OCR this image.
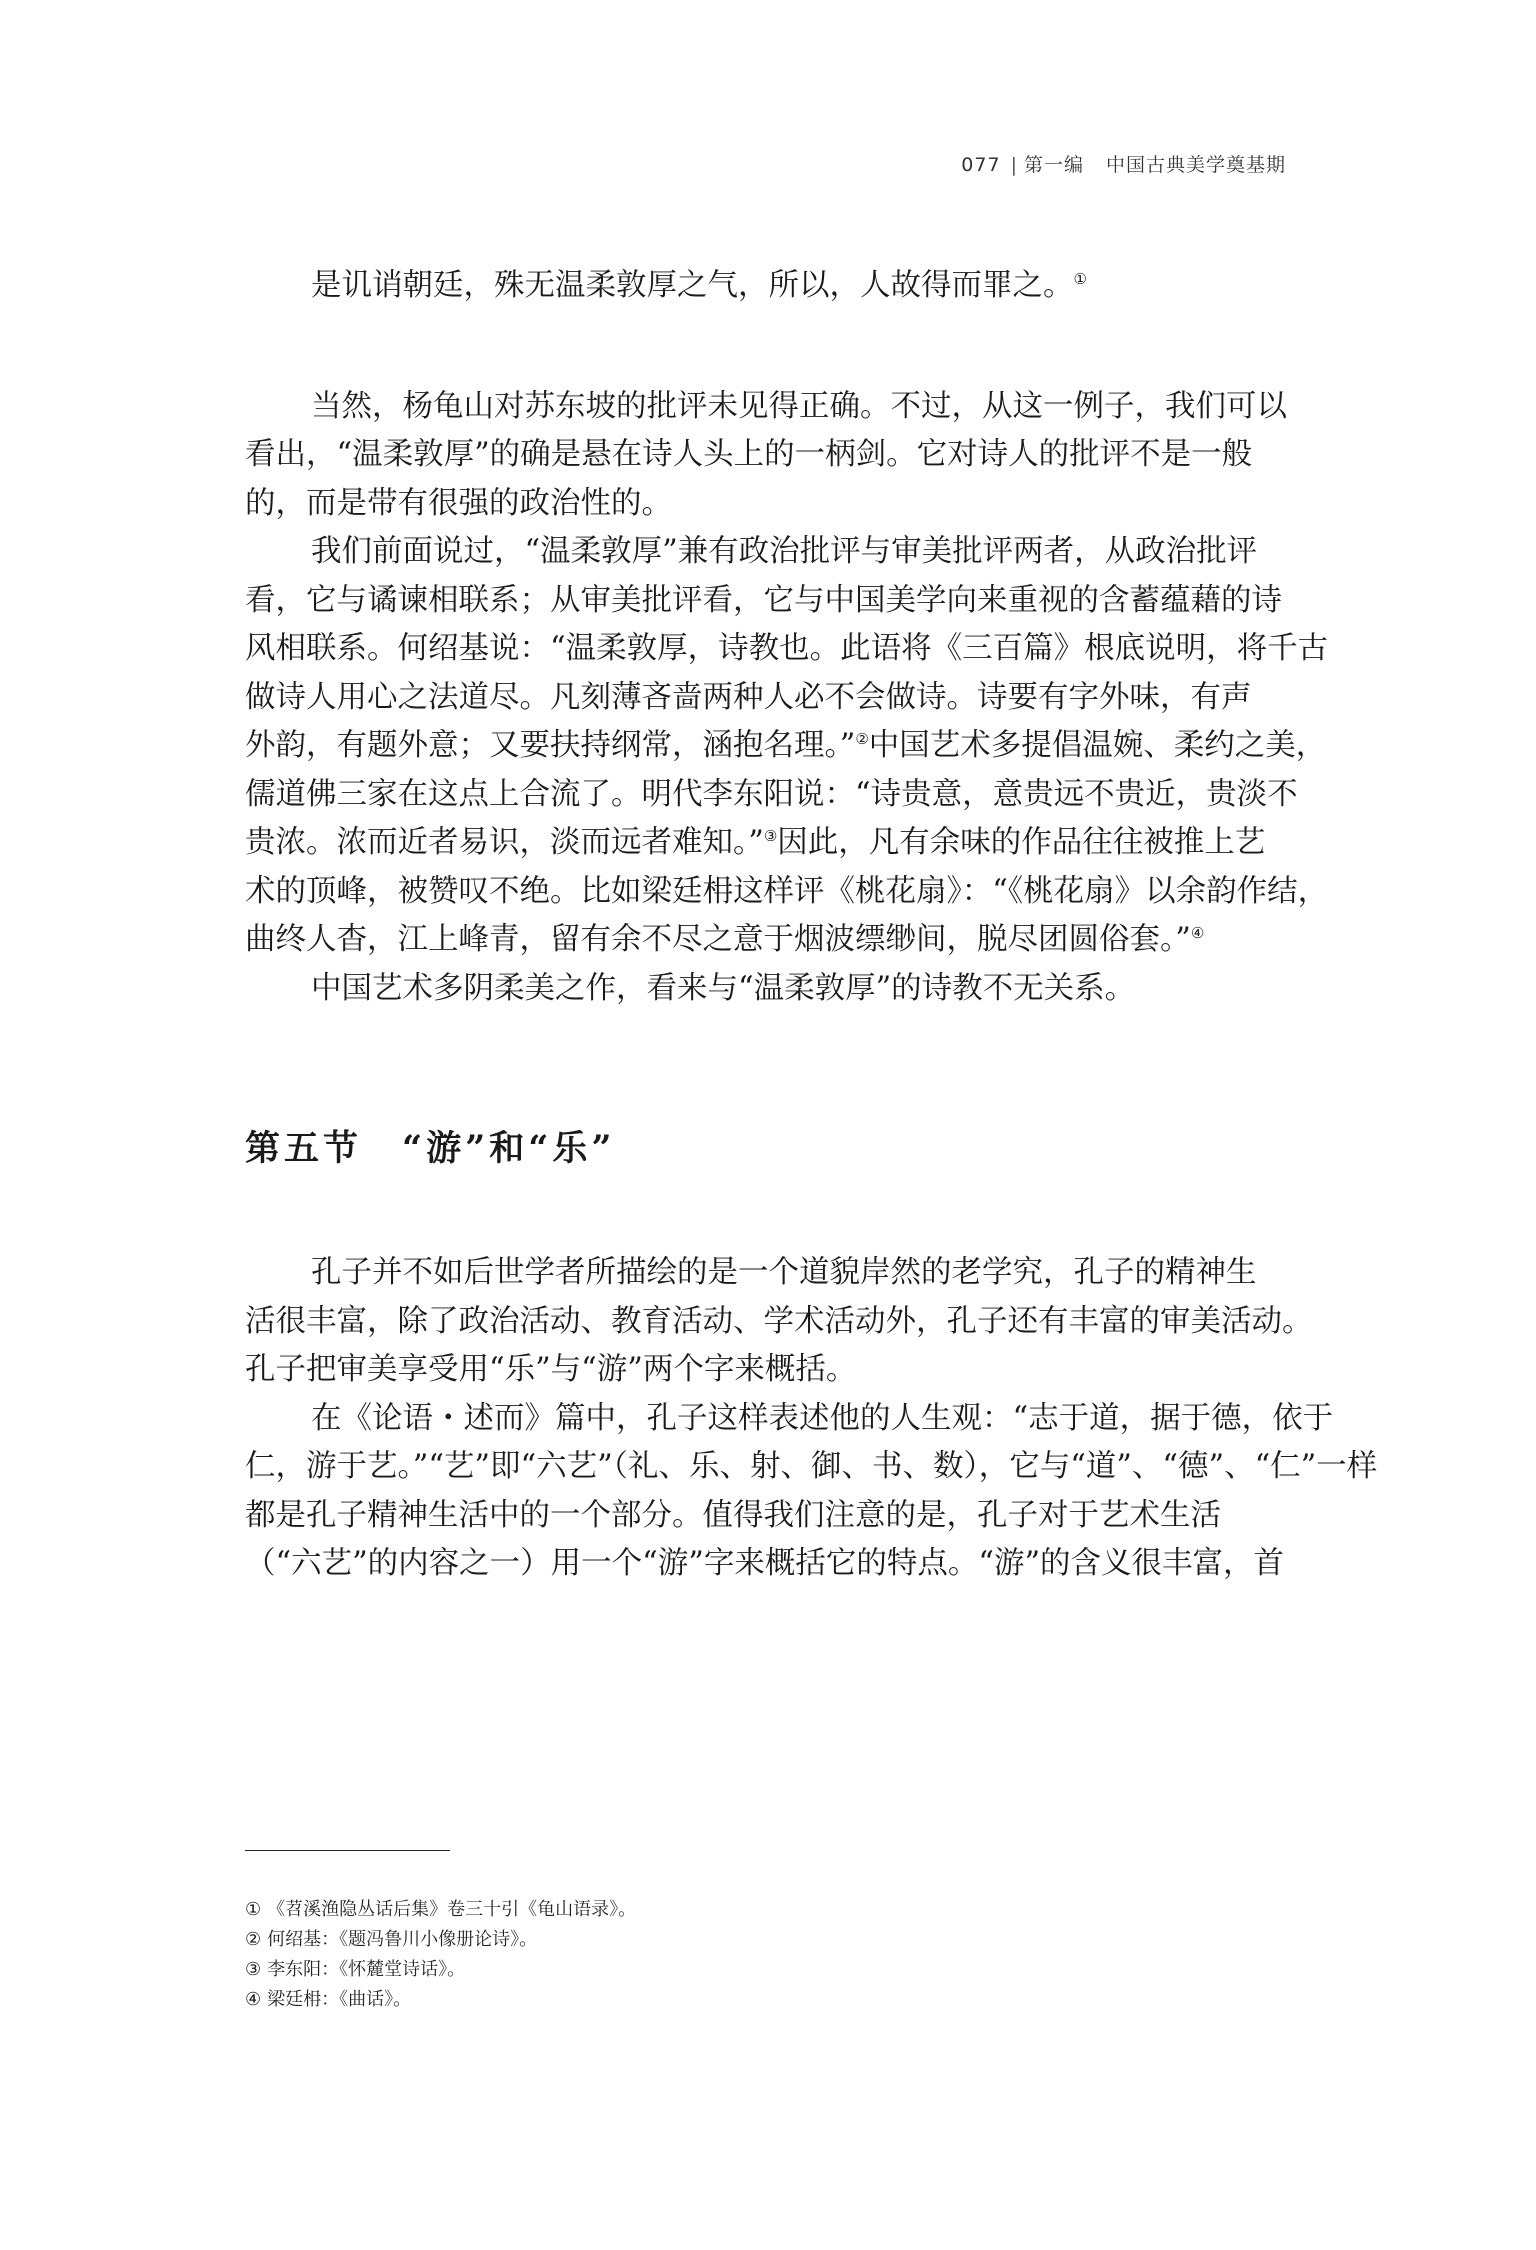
077 | 第一编 中国古典美学奠基期

是讥诮朝廷，殊无温柔敦厚之气，所以，人故得而罪之。①

当然，杨龟山对苏东坡的批评未见得正确。不过，从这一例子，我们可以
看出，“温柔敦厚”的确是悬在诗人头上的一柄剑。它对诗人的批评不是一般
的，而是带有很强的政治性的。

我们前面说过，“温柔敦厚”兼有政治批评与审美批评两者，从政治批评
看，它与谲谏相联系；从审美批评看，它与中国美学向来重视的含蓄蕴藉的诗
风相联系。何绍基说：“温柔敦厚，诗教也。此语将《三百篇》根底说明，将千古
做诗人用心之法道尽。凡刻薄吝啬两种人必不会做诗。诗要有字外味，有声
外韵，有题外意；又要扶持纲常，涵抱名理。”②中国艺术多提倡温婉、柔约之美，
儒道佛三家在这点上合流了。明代李东阳说：“诗贵意，意贵远不贵近，贵淡不
贵浓。浓而近者易识，淡而远者难知。”③因此，凡有余味的作品往往被推上艺
术的顶峰，被赞叹不绝。比如梁廷枏这样评《桃花扇》：“《桃花扇》以余韵作结，
曲终人杳，江上峰青，留有余不尽之意于烟波缥缈间，脱尽团圆俗套。”④

中国艺术多阴柔美之作，看来与“温柔敦厚”的诗教不无关系。

第五节 “游”和“乐”

孔子并不如后世学者所描绘的是一个道貌岸然的老学究，孔子的精神生
活很丰富，除了政治活动、教育活动、学术活动外，孔子还有丰富的审美活动。
孔子把审美享受用“乐”与“游”两个字来概括。

在《论语・述而》篇中，孔子这样表述他的人生观：“志于道，据于德，依于
仁，游于艺。”“艺”即“六艺”（礼、乐、射、御、书、数），它与“道”、“德”、“仁”一样
都是孔子精神生活中的一个部分。值得我们注意的是，孔子对于艺术生活
（“六艺”的内容之一）用一个“游”字来概括它的特点。“游”的含义很丰富，首

① 《苕溪渔隐丛话后集》卷三十引《龟山语录》。
② 何绍基：《题冯鲁川小像册论诗》。
③ 李东阳：《怀麓堂诗话》。
④ 梁廷枏：《曲话》。
